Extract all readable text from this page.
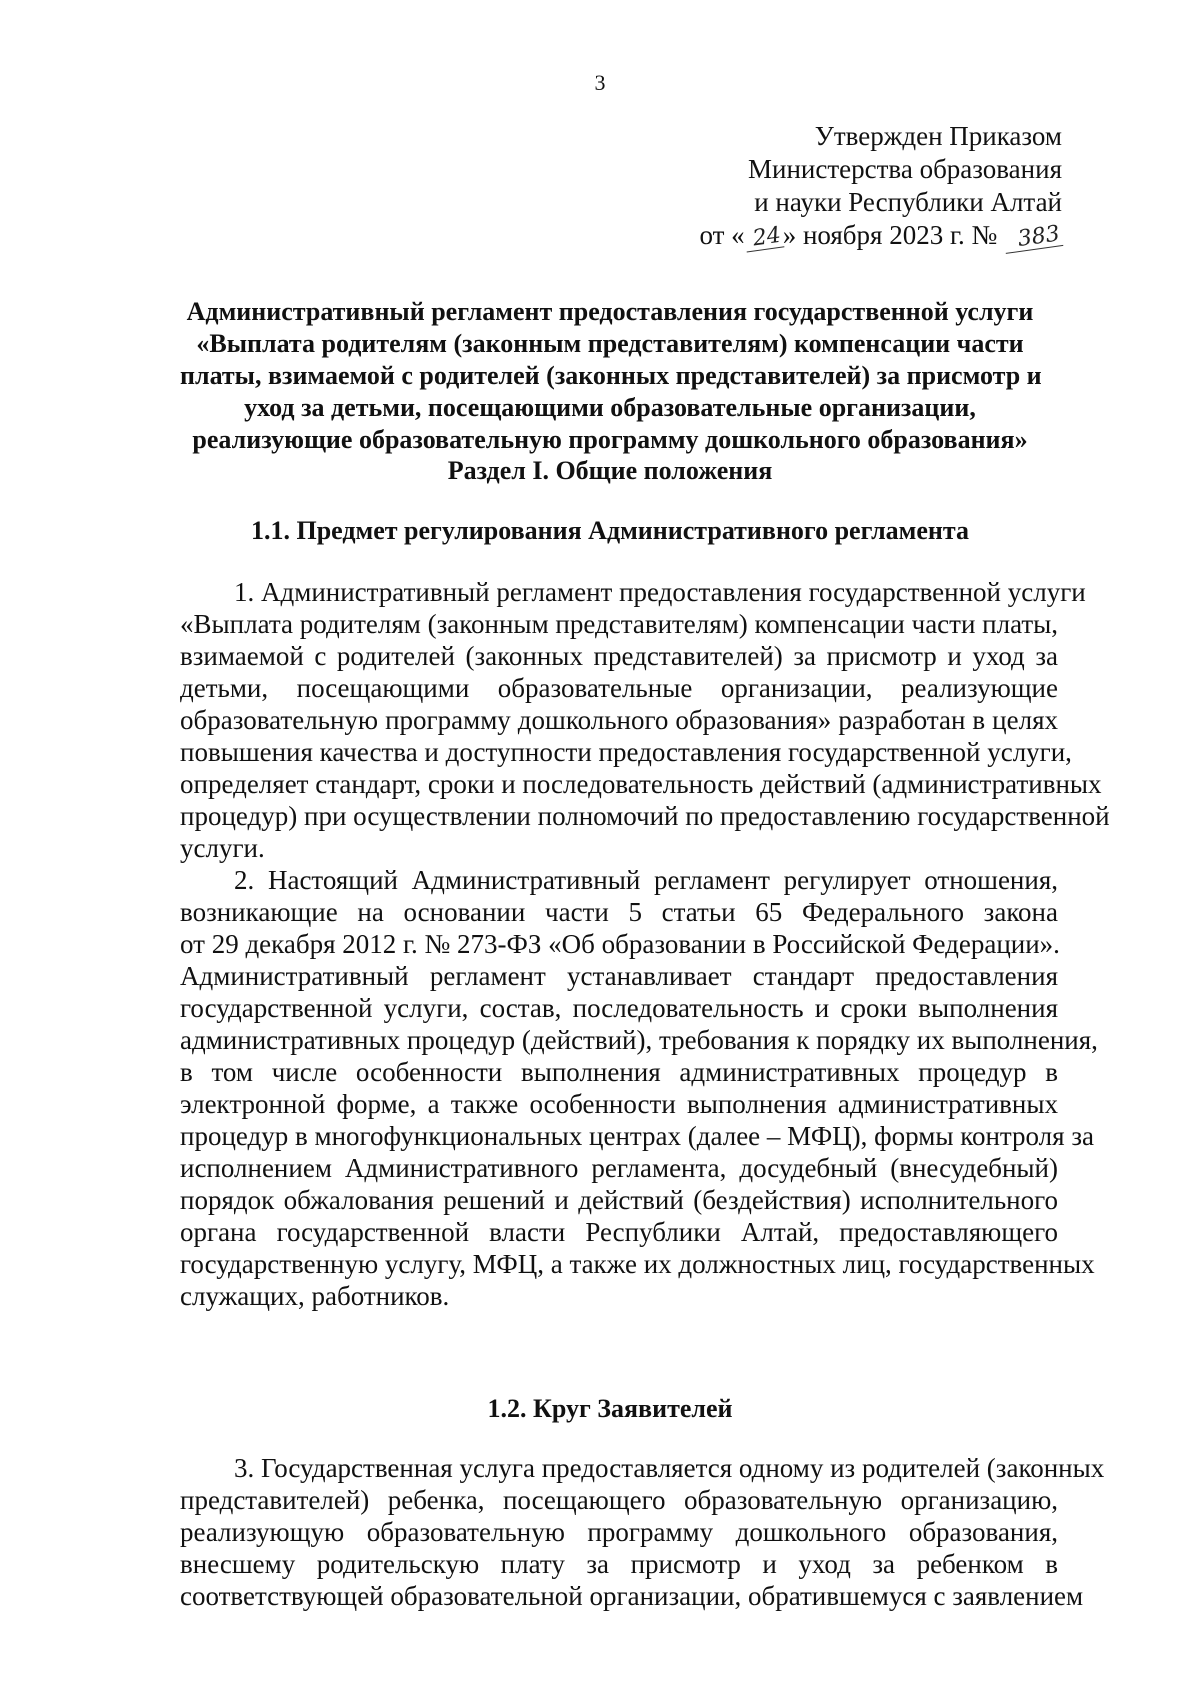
3
Утвержден Приказом
Министерства образования
и науки Республики Алтай
от « 24» ноября 2023 г. № 383
Административный регламент предоставления государственной услуги
«Выплата родителям (законным представителям) компенсации части
платы, взимаемой с родителей (законных представителей) за присмотр и
уход за детьми, посещающими образовательные организации,
реализующие образовательную программу дошкольного образования»
Раздел I. Общие положения
1.1. Предмет регулирования Административного регламента
1. Административный регламент предоставления государственной услуги
«Выплата родителям (законным представителям) компенсации части платы,
взимаемой с родителей (законных представителей) за присмотр и уход за
детьми, посещающими образовательные организации, реализующие
образовательную программу дошкольного образования» разработан в целях
повышения качества и доступности предоставления государственной услуги,
определяет стандарт, сроки и последовательность действий (административных
процедур) при осуществлении полномочий по предоставлению государственной
услуги.
2. Настоящий Административный регламент регулирует отношения,
возникающие на основании части 5 статьи 65 Федерального закона
от 29 декабря 2012 г. № 273-ФЗ «Об образовании в Российской Федерации».
Административный регламент устанавливает стандарт предоставления
государственной услуги, состав, последовательность и сроки выполнения
административных процедур (действий), требования к порядку их выполнения,
в том числе особенности выполнения административных процедур в
электронной форме, а также особенности выполнения административных
процедур в многофункциональных центрах (далее – МФЦ), формы контроля за
исполнением Административного регламента, досудебный (внесудебный)
порядок обжалования решений и действий (бездействия) исполнительного
органа государственной власти Республики Алтай, предоставляющего
государственную услугу, МФЦ, а также их должностных лиц, государственных
служащих, работников.
1.2. Круг Заявителей
3. Государственная услуга предоставляется одному из родителей (законных
представителей) ребенка, посещающего образовательную организацию,
реализующую образовательную программу дошкольного образования,
внесшему родительскую плату за присмотр и уход за ребенком в
соответствующей образовательной организации, обратившемуся с заявлением
